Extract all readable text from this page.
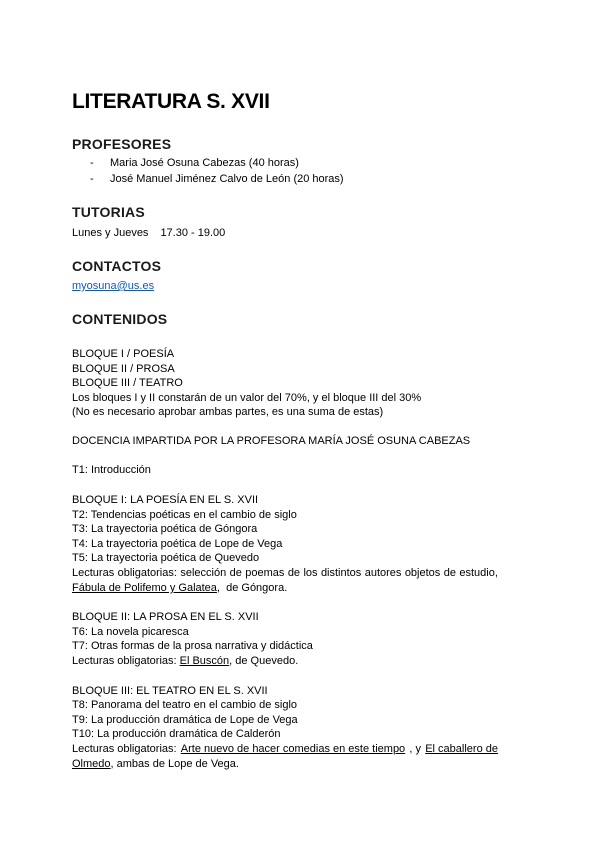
LITERATURA S. XVII
PROFESORES
- Maria José Osuna Cabezas (40 horas)
- José Manuel Jiménez Calvo de León (20 horas)
TUTORIAS
Lunes y Jueves 17.30 - 19.00
CONTACTOS
myosuna@us.es
CONTENIDOS
BLOQUE I / POESÍA
BLOQUE II / PROSA
BLOQUE III / TEATRO
Los bloques I y II constarán de un valor del 70%, y el bloque III del 30%
(No es necesario aprobar ambas partes, es una suma de estas)
DOCENCIA IMPARTIDA POR LA PROFESORA MARÍA JOSÉ OSUNA CABEZAS
T1: Introducción
BLOQUE I: LA POESÍA EN EL S. XVII
T2: Tendencias poéticas en el cambio de siglo
T3: La trayectoria poética de Góngora
T4: La trayectoria poética de Lope de Vega
T5: La trayectoria poética de Quevedo
Lecturas obligatorias: selección de poemas de los distintos autores objetos de estudio,
Fábula de Polifemo y Galatea,  de Góngora.
BLOQUE II: LA PROSA EN EL S. XVII
T6: La novela picaresca
T7: Otras formas de la prosa narrativa y didáctica
Lecturas obligatorias: El Buscón, de Quevedo.
BLOQUE III: EL TEATRO EN EL S. XVII
T8: Panorama del teatro en el cambio de siglo
T9: La producción dramática de Lope de Vega
T10: La producción dramática de Calderón
Lecturas obligatorias: Arte nuevo de hacer comedias en este tiempo , y El caballero de
Olmedo, ambas de Lope de Vega.
